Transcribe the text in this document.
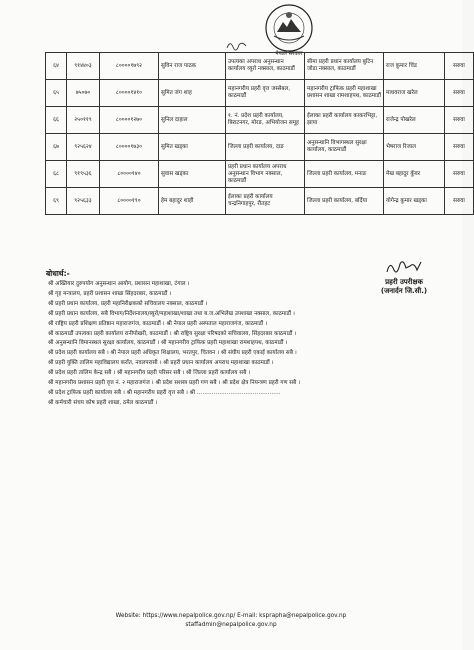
नेपाल सरकार
६४	९१४४०३	८००००१७९२	सुविन राज पाठक	उपत्यका अपराध अनुसन्धान कार्यालय व्युरो नक्साल, काठमाडौं	सीमा प्रहरी प्रधान कार्यालय बुटिन जोडा नक्साल, काठमाडौं	राज कुमार चिंड	सरुवा
६५	७५०७०	८००००१४१०	सुमित जंग शाह	महानगरीय प्रहरी वृत्त जस्सेबल, काठमाडौं	महानगरीय ट्राफिक प्रहरी महाशाखा प्रशासन शाखा रामशाहपथ, काठमाडौं	माधवराज खरेल	सरुवा
६६	२५०११९	८००००१२७०	सुनिल दाहाल	१. नं. प्रदेश प्रहरी कार्यालय, बिराटनगर, मोरङ, अभियोजन समूह	ईलाका प्रहरी कार्यालय काकरभिट्टा, झापा	राजेन्द्र पोखरेल	सरुवा
६७	९२५६२४	८००००१७३०	सुमित खड्का	जिल्ला प्रहरी कार्यालय, दाङ	अनुसन्धानि विभागस्थल सुरक्षा कार्यालय, काठमाडौं	भेषराज रिजाल	सरुवा
६८	९१९५३६	८००००१४०	सुवास खड्का	प्रहरी प्रधान कार्यालय अपराध अनुसन्धान विभाग नक्साल, काठमाडौं	जिल्ला प्रहरी कार्यालय, मनाङ	मेख बहादुर कुँवर	सरुवा
६९	९२५६३३	८००००१९०	हेम बहादुर शाही	ईलाका प्रहरी कार्यालय चन्द्रनिगाहपुर, रौतहट	जिल्ला प्रहरी कार्यालय, बर्दिया	योगेन्द्र कुमार खड्का	सरुवा
बोधार्थ:-
श्री अख्तियार दुरुपयोग अनुसन्धान आयोग, प्रशासन महाशाखा, टंगाल ।
श्री गृह मन्त्रालय, प्रहरी प्रशासन शाखा सिंहदरबार, काठमाडौं ।
श्री प्रहरी प्रधान कार्यालय, प्रहरी महानिरीक्षकको सचिवालय नक्साल, काठमाडौं ।
श्री प्रहरी प्रधान कार्यालय, सबै विभाग/निर्देशनालय/ब्युरो/महाशाखा/शाखा तथा ब.ज.अभिलेख उपशाखा नक्साल, काठमाडौं ।
श्री राष्ट्रिय प्रहरी प्रशिक्षण प्रतिष्ठान महाराजगंज, काठमाडौं । श्री नेपाल प्रहरी अस्पताल महाराजगंज, काठमाडौं ।
श्री काठमाडौं उपत्यका प्रहरी कार्यालय रानीपोखरी, काठमाडौं । श्री राष्ट्रिय सुरक्षा परिषदको सचिवालय, सिंहदरबार काठमाडौं ।
श्री अनुसन्धानि विमानस्थल सुरक्षा कार्यालय, काठमाडौं । श्री महानगरीय ट्राफिक प्रहरी महाशाखा रामशाहपथ, काठमाडौं ।
श्री प्रदेश प्रहरी कार्यालय सबै । श्री नेपाल प्रहरी अधिकृत शिक्षालय, भरतपुर, चितवन । श्री संघीय प्रहरी एकाई कार्यालय सबै ।
श्री प्रहरी युक्ति तालिम महाविद्यालय कराँत, नवलपरासी । श्री प्रहरी प्रधान कार्यालय अपराध महाशाखा काठमाडौं ।
श्री प्रदेश प्रहरी तालिम केन्द्र सबै । श्री महानगरीय प्रहरी परिसर सबै । श्री जिल्ला प्रहरी कार्यालय सबै ।
श्री महानगरीय प्रशासन प्रहरी वृत्त नं. २ महाराजगंज । श्री प्रदेश सशस्त्र प्रहरी गण सबै । श्री प्रदेश क्षेत्र नियन्त्रण प्रहरी गण सबै ।
श्री प्रदेश ट्राफिक प्रहरी कार्यालय सबै । श्री महानगरीय प्रहरी वृत्त सबै । श्री ………………………………………
श्री कर्मचारी संचय कोष प्रहरी शाखा, ठमेल काठमाडौं ।
प्रहरी उपरीक्षक
(जनार्दन जि.सी.)
Website: https://www.nepalpolice.gov.np/ E-mail: ksprapha@nepalpolice.gov.np
staffadmin@nepalpolice.gov.np
